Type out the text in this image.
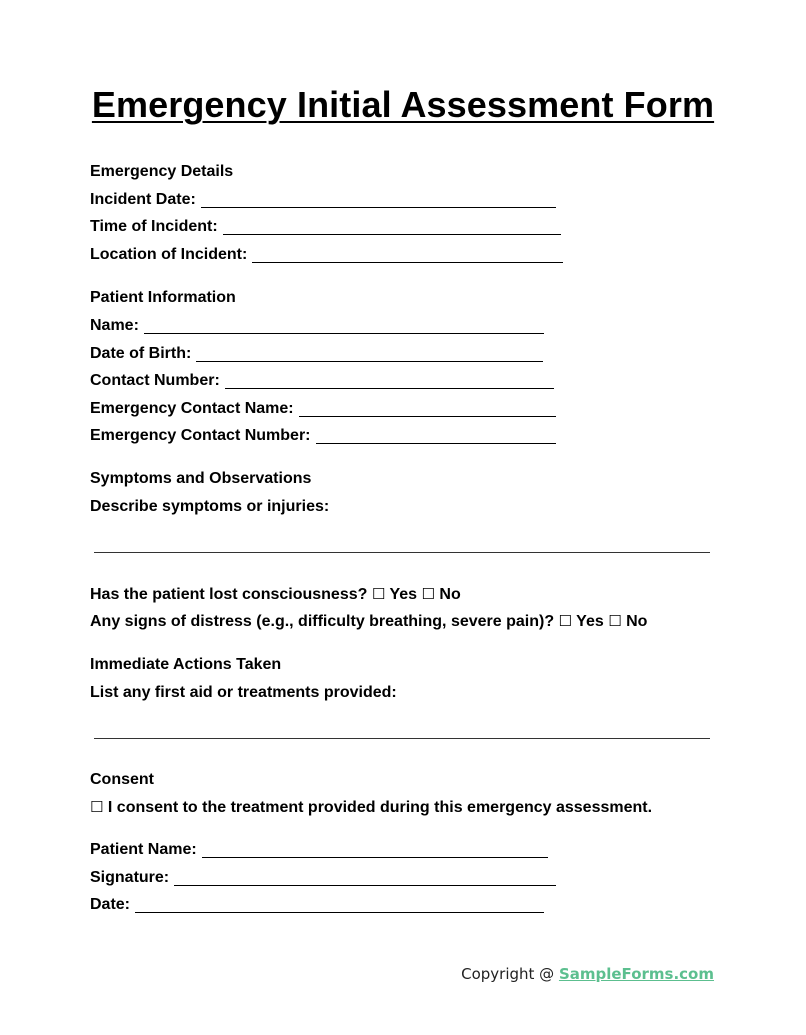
Emergency Initial Assessment Form
Emergency Details
Incident Date:
Time of Incident:
Location of Incident:
Patient Information
Name:
Date of Birth:
Contact Number:
Emergency Contact Name:
Emergency Contact Number:
Symptoms and Observations
Describe symptoms or injuries:
Has the patient lost consciousness? ☐ Yes ☐ No
Any signs of distress (e.g., difficulty breathing, severe pain)? ☐ Yes ☐ No
Immediate Actions Taken
List any first aid or treatments provided:
Consent
☐ I consent to the treatment provided during this emergency assessment.
Patient Name:
Signature:
Date:
Copyright @ SampleForms.com
